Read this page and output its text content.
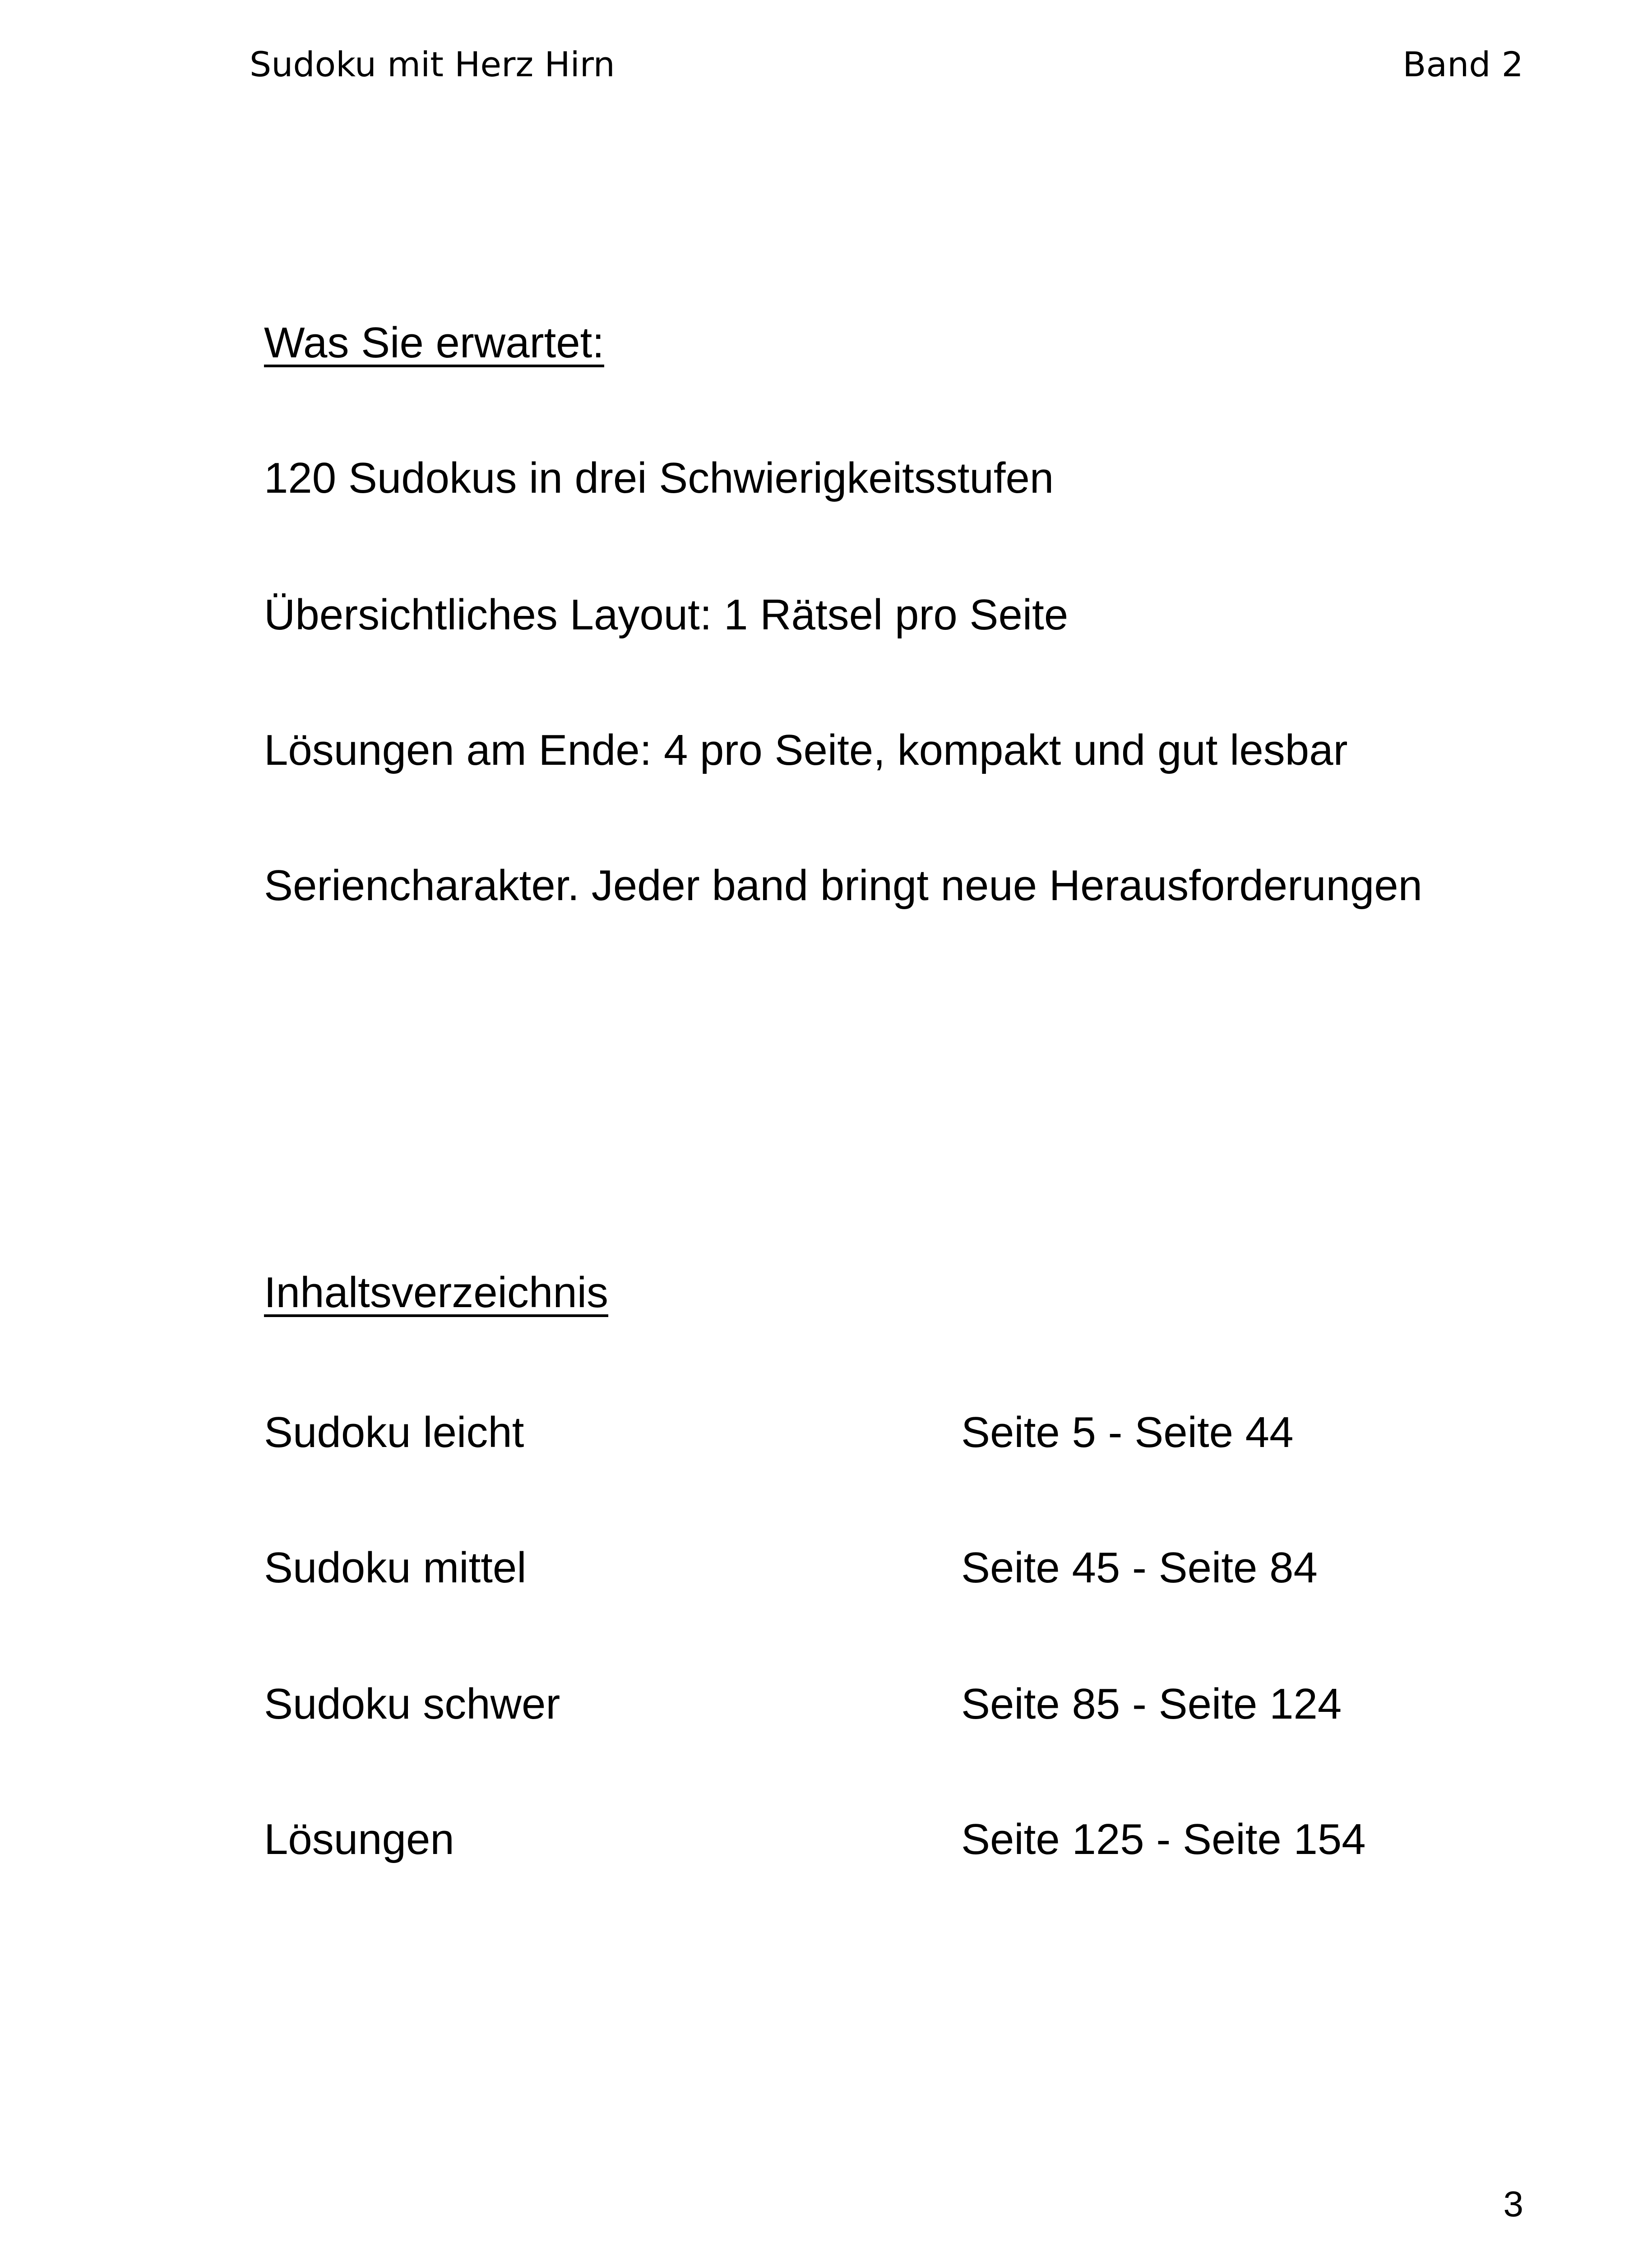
Sudoku mit Herz Hirn	Band 2
Was Sie erwartet:
120 Sudokus in drei Schwierigkeitsstufen
Übersichtliches Layout: 1 Rätsel pro Seite
Lösungen am Ende: 4 pro Seite, kompakt und gut lesbar
Seriencharakter. Jeder band bringt neue Herausforderungen
Inhaltsverzeichnis
Sudoku leicht	Seite 5 - Seite 44
Sudoku mittel	Seite 45 - Seite 84
Sudoku schwer	Seite 85 - Seite 124
Lösungen	Seite 125 - Seite 154
3
